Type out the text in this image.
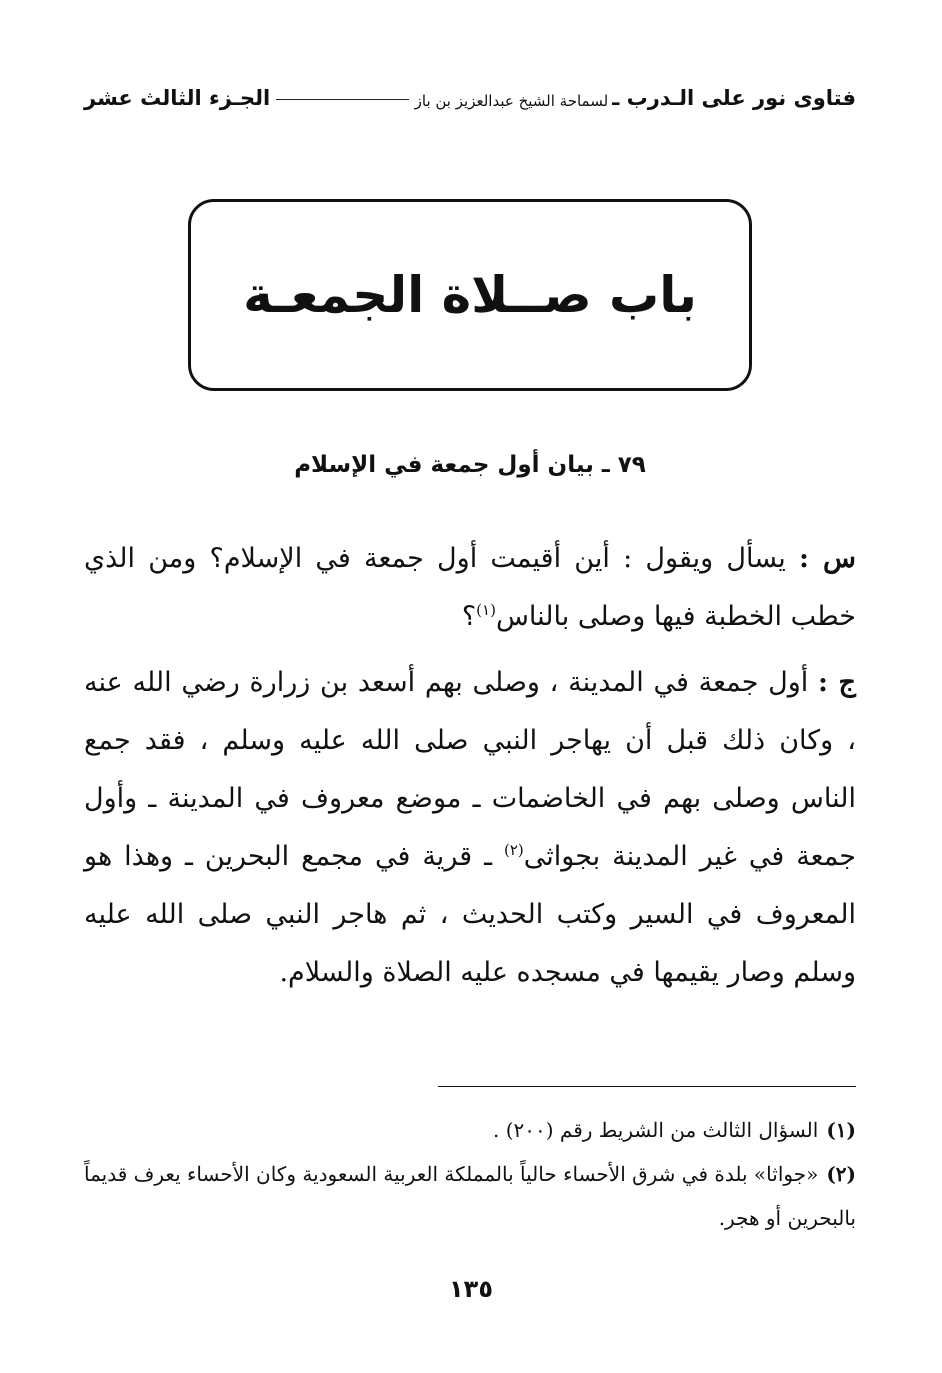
فتاوى نور على الـدرب ـ
لسماحة الشيخ عبدالعزيز بن باز
الجـزء الثالث عشر
باب صــلاة الجمعـة
٧٩ ـ بيان أول جمعة في الإسلام

س : يسأل ويقول : أين أقيمت أول جمعة في الإسلام؟ ومن الذي خطب الخطبة فيها وصلى بالناس$^{(١)}$؟

ج : أول جمعة في المدينة ، وصلى بهم أسعد بن زرارة رضي الله عنه ، وكان ذلك قبل أن يهاجر النبي صلى الله عليه وسلم ، فقد جمع الناس وصلى بهم في الخاضمات ـ موضع معروف في المدينة ـ وأول جمعة في غير المدينة بجواثى$^{(٢)}$ ـ قرية في مجمع البحرين ـ وهذا هو المعروف في السير وكتب الحديث ، ثم هاجر النبي صلى الله عليه وسلم وصار يقيمها في مسجده عليه الصلاة والسلام.

(١)السؤال الثالث من الشريط رقم (٢٠٠) .

(٢)«جواثا» بلدة في شرق الأحساء حالياً بالمملكة العربية السعودية وكان الأحساء يعرف قديماً بالبحرين أو هجر.

١٣٥
